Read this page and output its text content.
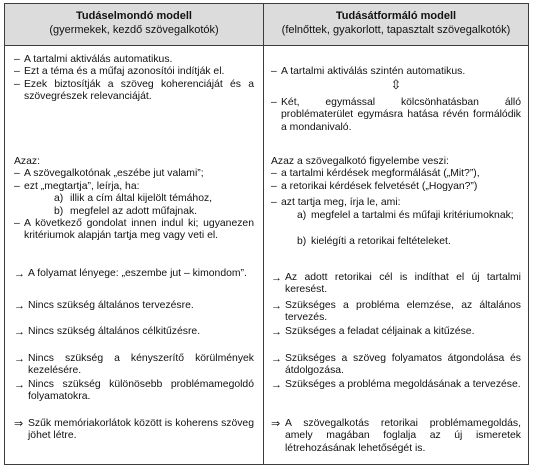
Tudáselmondó modell
(gyermekek, kezdő szövegalkotók)
Tudásátformáló modell
(felnőttek, gyakorlott, tapasztalt szövegalkotók)
– A tartalmi aktiválás automatikus.
– Ezt a téma és a műfaj azonosítói indítják el.
– Ezek biztosítják a szöveg koherenciáját és a szövegrészek relevanciáját.
Azaz:
– A szövegalkotónak „eszébe jut valami”;
– ezt „megtartja”, leírja, ha:
a) illik a cím által kijelölt témához,
b) megfelel az adott műfajnak.
– A következő gondolat innen indul ki; ugyanezen kritériumok alapján tartja meg vagy veti el.
→ A folyamat lényege: „eszembe jut – kimondom”.
→ Nincs szükség általános tervezésre.
→ Nincs szükség általános célkitűzésre.
→ Nincs szükség a kényszerítő körülmények kezelésére.
→ Nincs szükség különösebb problémamegoldó folyamatokra.
⇒ Szűk memóriakorlátok között is koherens szöveg jöhet létre.
– A tartalmi aktiválás szintén automatikus.
⇳
– Két, egymással kölcsönhatásban álló problématerület egymásra hatása révén formálódik a mondanivaló.
Azaz a szövegalkotó figyelembe veszi:
– a tartalmi kérdések megformálását („Mit?”),
– a retorikai kérdések felvetését („Hogyan?”)
– azt tartja meg, írja le, ami:
a) megfelel a tartalmi és műfaji kritériumoknak;
b) kielégíti a retorikai feltételeket.
→ Az adott retorikai cél is indíthat el új tartalmi keresést.
→ Szükséges a probléma elemzése, az általános tervezés.
→ Szükséges a feladat céljainak a kitűzése.
→ Szükséges a szöveg folyamatos átgondolása és átdolgozása.
→ Szükséges a probléma megoldásának a tervezése.
⇒ A szövegalkotás retorikai problémamegoldás, amely magában foglalja az új ismeretek létrehozásának lehetőségét is.
